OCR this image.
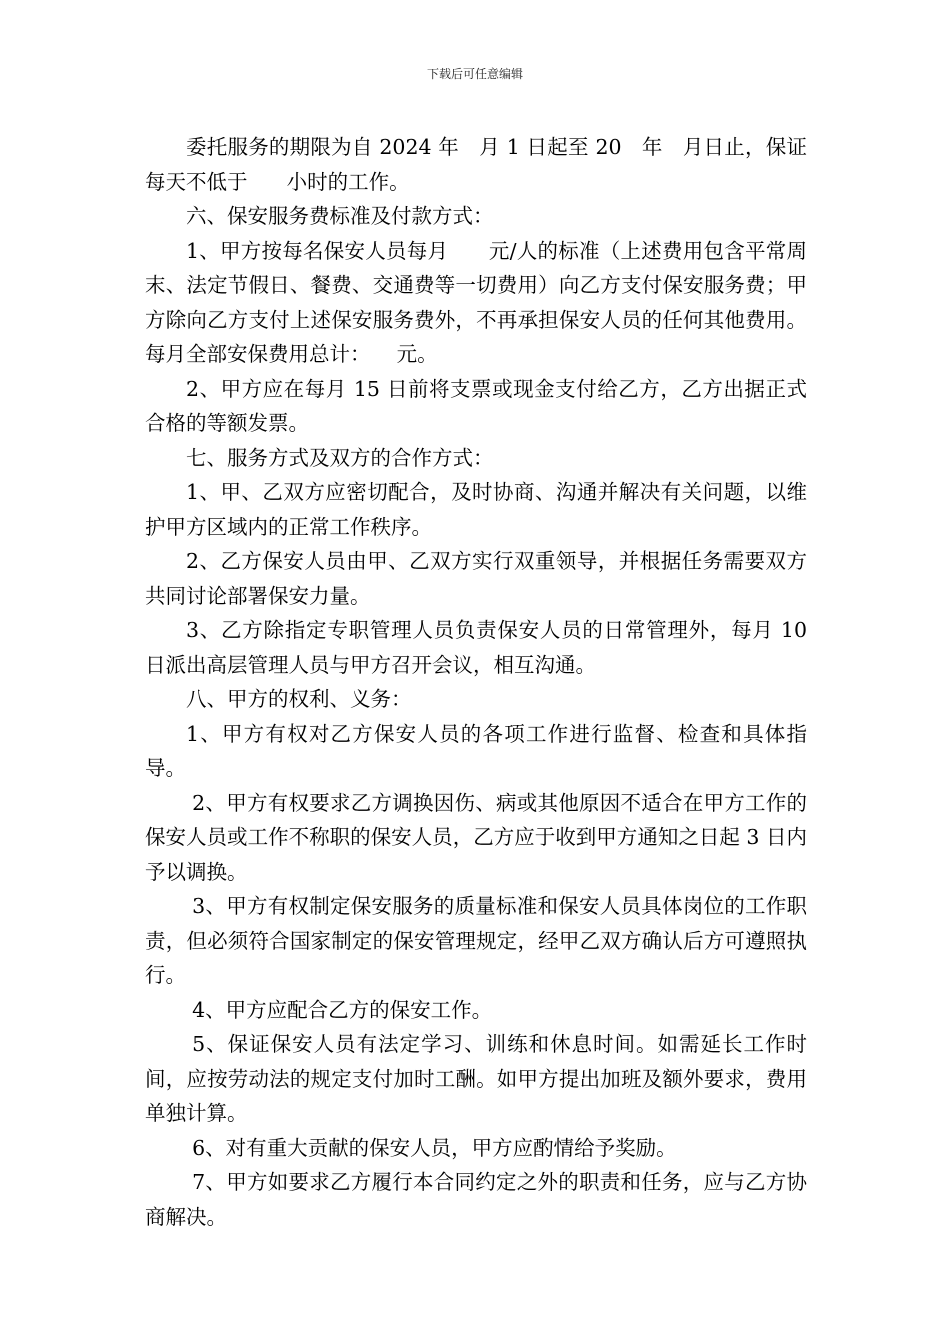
下载后可任意编辑

委托服务的期限为自 2024 年   月 1 日起至 20   年   月日止，保证每天不低于      小时的工作。

六、保安服务费标准及付款方式：

1、甲方按每名保安人员每月      元/人的标准（上述费用包含平常周末、法定节假日、餐费、交通费等一切费用）向乙方支付保安服务费；甲方除向乙方支付上述保安服务费外，不再承担保安人员的任何其他费用。每月全部安保费用总计：    元。

2、甲方应在每月 15 日前将支票或现金支付给乙方，乙方出据正式合格的等额发票。

七、服务方式及双方的合作方式：

1、甲、乙双方应密切配合，及时协商、沟通并解决有关问题，以维护甲方区域内的正常工作秩序。

2、乙方保安人员由甲、乙双方实行双重领导，并根据任务需要双方共同讨论部署保安力量。

3、乙方除指定专职管理人员负责保安人员的日常管理外，每月 10 日派出高层管理人员与甲方召开会议，相互沟通。

八、甲方的权利、义务：

1、甲方有权对乙方保安人员的各项工作进行监督、检查和具体指导。

2、甲方有权要求乙方调换因伤、病或其他原因不适合在甲方工作的保安人员或工作不称职的保安人员，乙方应于收到甲方通知之日起 3 日内予以调换。

3、甲方有权制定保安服务的质量标准和保安人员具体岗位的工作职责，但必须符合国家制定的保安管理规定，经甲乙双方确认后方可遵照执行。

4、甲方应配合乙方的保安工作。

5、保证保安人员有法定学习、训练和休息时间。如需延长工作时间，应按劳动法的规定支付加时工酬。如甲方提出加班及额外要求，费用单独计算。

6、对有重大贡献的保安人员，甲方应酌情给予奖励。

7、甲方如要求乙方履行本合同约定之外的职责和任务，应与乙方协商解决。
